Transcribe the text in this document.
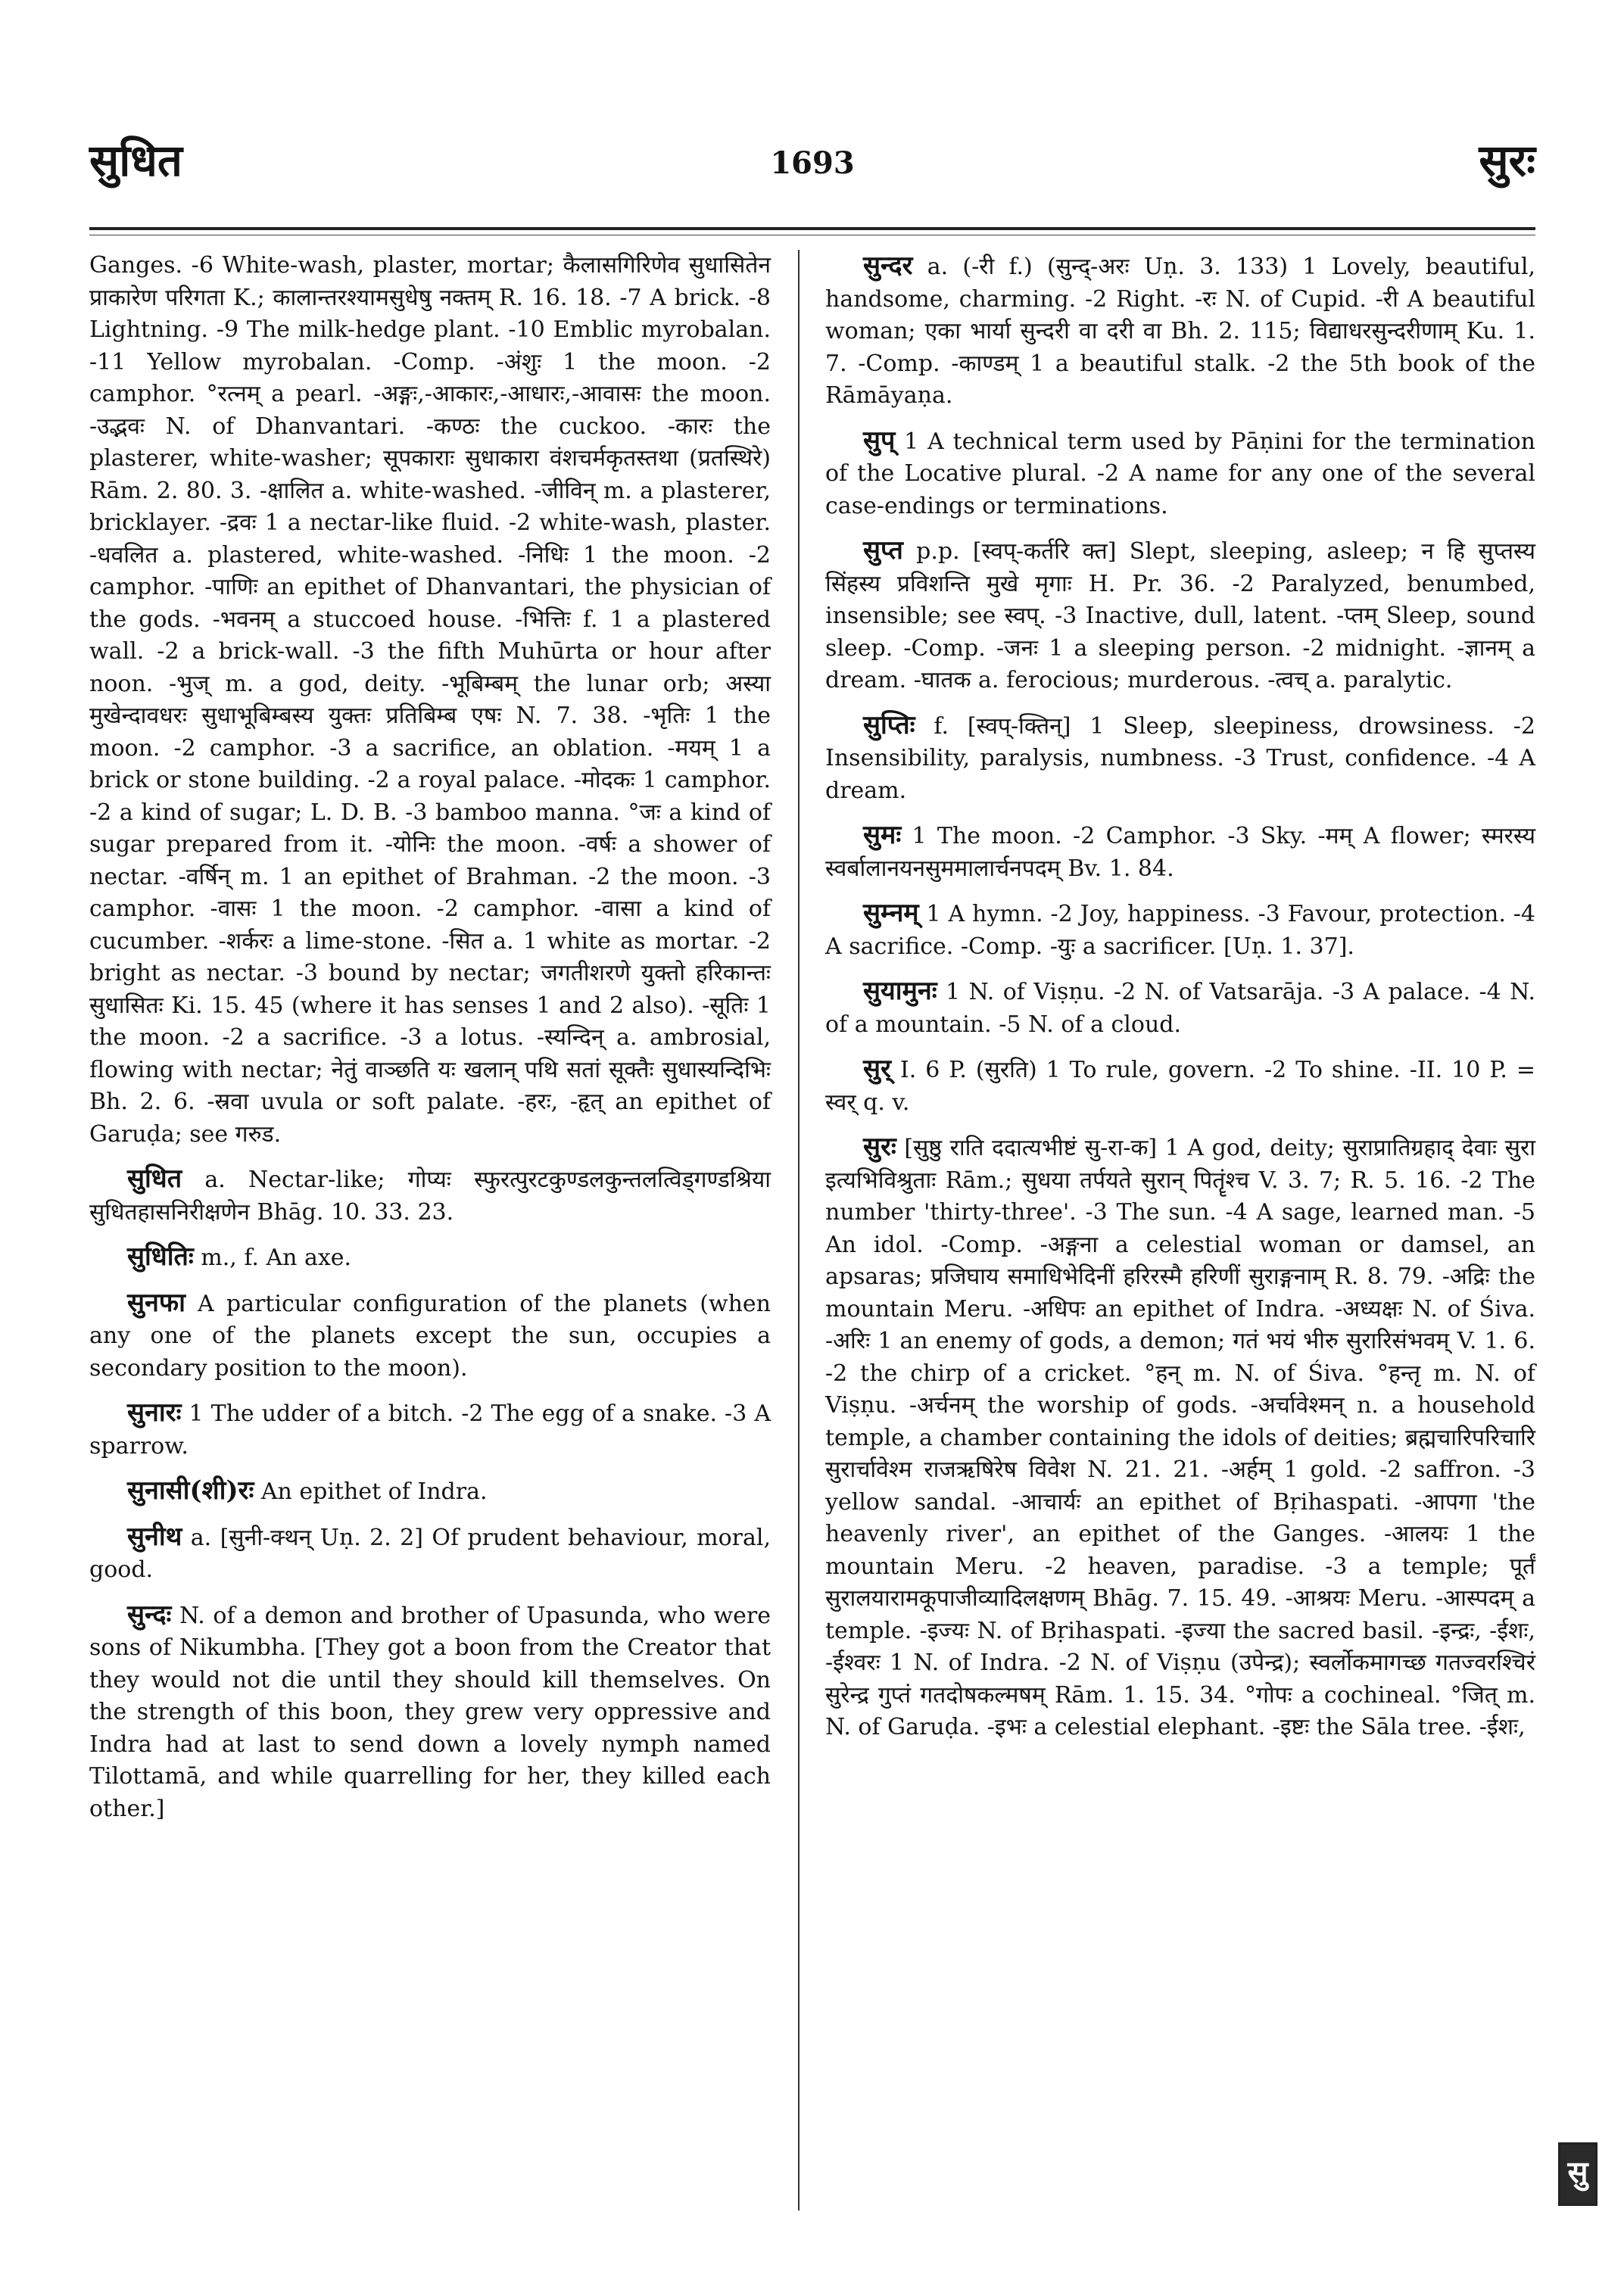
सुधित	1693	सुरः

Ganges. -6 White-wash, plaster, mortar; कैलासगिरिणेव सुधासितेन प्राकारेण परिगता K.; कालान्तरश्यामसुधेषु नक्तम् R. 16. 18. -7 A brick. -8 Lightning. -9 The milk-hedge plant. -10 Emblic myrobalan. -11 Yellow myrobalan. -Comp. -अंशुः 1 the moon. -2 camphor. °रत्नम् a pearl. -अङ्गः,-आकारः,-आधारः,-आवासः the moon. -उद्भवः N. of Dhanvantari. -कण्ठः the cuckoo. -कारः the plasterer, white-washer; सूपकाराः सुधाकारा वंशचर्मकृतस्तथा (प्रतस्थिरे) Rām. 2. 80. 3. -क्षालित a. white-washed. -जीविन् m. a plasterer, bricklayer. -द्रवः 1 a nectar-like fluid. -2 white-wash, plaster. -धवलित a. plastered, white-washed. -निधिः 1 the moon. -2 camphor. -पाणिः an epithet of Dhanvantari, the physician of the gods. -भवनम् a stuccoed house. -भित्तिः f. 1 a plastered wall. -2 a brick-wall. -3 the fifth Muhūrta or hour after noon. -भुज् m. a god, deity. -भूबिम्बम् the lunar orb; अस्या मुखेन्दावधरः सुधाभूबिम्बस्य युक्तः प्रतिबिम्ब एषः N. 7. 38. -भृतिः 1 the moon. -2 camphor. -3 a sacrifice, an oblation. -मयम् 1 a brick or stone building. -2 a royal palace. -मोदकः 1 camphor. -2 a kind of sugar; L. D. B. -3 bamboo manna. °जः a kind of sugar prepared from it. -योनिः the moon. -वर्षः a shower of nectar. -वर्षिन् m. 1 an epithet of Brahman. -2 the moon. -3 camphor. -वासः 1 the moon. -2 camphor. -वासा a kind of cucumber. -शर्करः a lime-stone. -सित a. 1 white as mortar. -2 bright as nectar. -3 bound by nectar; जगतीशरणे युक्तो हरिकान्तः सुधासितः Ki. 15. 45 (where it has senses 1 and 2 also). -सूतिः 1 the moon. -2 a sacrifice. -3 a lotus. -स्यन्दिन् a. ambrosial, flowing with nectar; नेतुं वाञ्छति यः खलान् पथि सतां सूक्तैः सुधास्यन्दिभिः Bh. 2. 6. -स्रवा uvula or soft palate. -हरः, -हृत् an epithet of Garuḍa; see गरुड.

सुधित a. Nectar-like; गोप्यः स्फुरत्पुरटकुण्डलकुन्तलत्विड्गण्डश्रिया सुधितहासनिरीक्षणेन Bhāg. 10. 33. 23.

सुधितिः m., f. An axe.

सुनफा A particular configuration of the planets (when any one of the planets except the sun, occupies a secondary position to the moon).

सुनारः 1 The udder of a bitch. -2 The egg of a snake. -3 A sparrow.

सुनासी(शी)रः An epithet of Indra.

सुनीथ a. [सुनी-क्थन् Uṇ. 2. 2] Of prudent behaviour, moral, good.

सुन्दः N. of a demon and brother of Upasunda, who were sons of Nikumbha. [They got a boon from the Creator that they would not die until they should kill themselves. On the strength of this boon, they grew very oppressive and Indra had at last to send down a lovely nymph named Tilottamā, and while quarrelling for her, they killed each other.]

सुन्दर a. (-री f.) (सुन्द्-अरः Uṇ. 3. 133) 1 Lovely, beautiful, handsome, charming. -2 Right. -रः N. of Cupid. -री A beautiful woman; एका भार्या सुन्दरी वा दरी वा Bh. 2. 115; विद्याधरसुन्दरीणाम् Ku. 1. 7. -Comp. -काण्डम् 1 a beautiful stalk. -2 the 5th book of the Rāmāyaṇa.

सुप् 1 A technical term used by Pāṇini for the termination of the Locative plural. -2 A name for any one of the several case-endings or terminations.

सुप्त p.p. [स्वप्-कर्तरि क्त] Slept, sleeping, asleep; न हि सुप्तस्य सिंहस्य प्रविशन्ति मुखे मृगाः H. Pr. 36. -2 Paralyzed, benumbed, insensible; see स्वप्. -3 Inactive, dull, latent. -प्तम् Sleep, sound sleep. -Comp. -जनः 1 a sleeping person. -2 midnight. -ज्ञानम् a dream. -घातक a. ferocious; murderous. -त्वच् a. paralytic.

सुप्तिः f. [स्वप्-क्तिन्] 1 Sleep, sleepiness, drowsiness. -2 Insensibility, paralysis, numbness. -3 Trust, confidence. -4 A dream.

सुमः 1 The moon. -2 Camphor. -3 Sky. -मम् A flower; स्मरस्य स्वर्बालानयनसुममालार्चनपदम् Bv. 1. 84.

सुम्नम् 1 A hymn. -2 Joy, happiness. -3 Favour, protection. -4 A sacrifice. -Comp. -युः a sacrificer. [Uṇ. 1. 37].

सुयामुनः 1 N. of Viṣṇu. -2 N. of Vatsarāja. -3 A palace. -4 N. of a mountain. -5 N. of a cloud.

सुर् I. 6 P. (सुरति) 1 To rule, govern. -2 To shine. -II. 10 P. = स्वर् q. v.

सुरः [सुष्ठु राति ददात्यभीष्टं सु-रा-क] 1 A god, deity; सुराप्रातिग्रहाद् देवाः सुरा इत्यभिविश्रुताः Rām.; सुधया तर्पयते सुरान् पितॄंश्च V. 3. 7; R. 5. 16. -2 The number 'thirty-three'. -3 The sun. -4 A sage, learned man. -5 An idol. -Comp. -अङ्गना a celestial woman or damsel, an apsaras; प्रजिघाय समाधिभेदिनीं हरिरस्मै हरिणीं सुराङ्गनाम् R. 8. 79. -अद्रिः the mountain Meru. -अधिपः an epithet of Indra. -अध्यक्षः N. of Śiva. -अरिः 1 an enemy of gods, a demon; गतं भयं भीरु सुरारिसंभवम् V. 1. 6. -2 the chirp of a cricket. °हन् m. N. of Śiva. °हन्तृ m. N. of Viṣṇu. -अर्चनम् the worship of gods. -अर्चावेश्मन् n. a household temple, a chamber containing the idols of deities; ब्रह्मचारिपरिचारि सुरार्चावेश्म राजऋषिरेष विवेश N. 21. 21. -अर्हम् 1 gold. -2 saffron. -3 yellow sandal. -आचार्यः an epithet of Bṛihaspati. -आपगा 'the heavenly river', an epithet of the Ganges. -आलयः 1 the mountain Meru. -2 heaven, paradise. -3 a temple; पूर्तं सुरालयारामकूपाजीव्यादिलक्षणम् Bhāg. 7. 15. 49. -आश्रयः Meru. -आस्पदम् a temple. -इज्यः N. of Bṛihaspati. -इज्या the sacred basil. -इन्द्रः, -ईशः, -ईश्वरः 1 N. of Indra. -2 N. of Viṣṇu (उपेन्द्र); स्वर्लोकमागच्छ गतज्वरश्चिरं सुरेन्द्र गुप्तं गतदोषकल्मषम् Rām. 1. 15. 34. °गोपः a cochineal. °जित् m. N. of Garuḍa. -इभः a celestial elephant. -इष्टः the Sāla tree. -ईशः,

सु
